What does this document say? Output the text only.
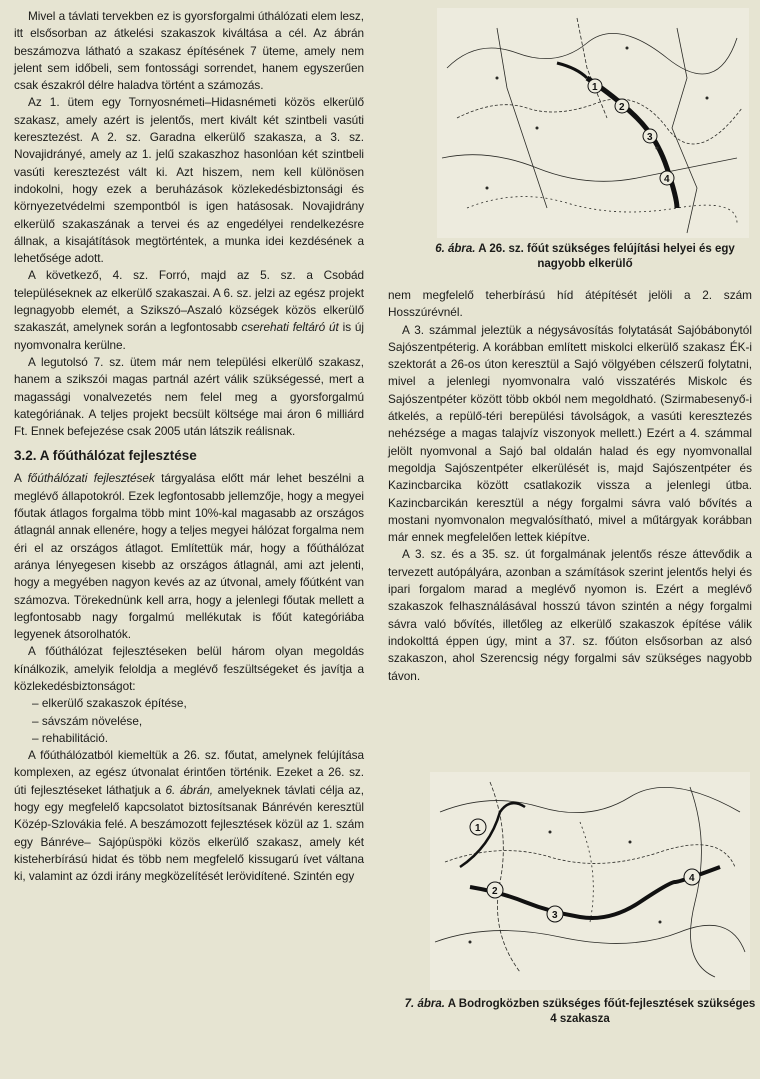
Mivel a távlati tervekben ez is gyorsforgalmi úthálózati elem lesz, itt elsősorban az átkelési szakaszok kiváltása a cél. Az ábrán beszámozva látható a szakasz építésének 7 üteme, amely nem jelent sem időbeli, sem fontossági sorrendet, hanem egyszerűen csak északról délre haladva történt a számozás.

Az 1. ütem egy Tornyosnémeti–Hidasnémeti közös elkerülő szakasz, amely azért is jelentős, mert kivált két szintbeli vasúti keresztezést. A 2. sz. Garadna elkerülő szakasza, a 3. sz. Novajidrányé, amely az 1. jelű szakaszhoz hasonlóan két szintbeli vasúti keresztezést vált ki. Azt hiszem, nem kell különösen indokolni, hogy ezek a beruházások közlekedésbiztonsági és környezetvédelmi szempontból is igen hatásosak. Novajidrány elkerülő szakaszának a tervei és az engedélyei rendelkezésre állnak, a kisajátítások megtörténtek, a munka idei kezdésének a lehetősége adott.

A következő, 4. sz. Forró, majd az 5. sz. a Csobád településeknek az elkerülő szakaszai. A 6. sz. jelzi az egész projekt legnagyobb elemét, a Szikszó–Aszaló községek közös elkerülő szakaszát, amelynek során a legfontosabb cserehati feltáró út is új nyomvonalra kerülne.

A legutolsó 7. sz. ütem már nem települési elkerülő szakasz, hanem a szikszói magas partnál azért válik szükségessé, mert a magassági vonalvezetés nem felel meg a gyorsforgalmú kategóriának. A teljes projekt becsült költsége mai áron 6 milliárd Ft. Ennek befejezése csak 2005 után látszik reálisnak.

3.2. A főúthálózat fejlesztése

A főúthálózati fejlesztések tárgyalása előtt már lehet beszélni a meglévő állapotokról. Ezek legfontosabb jellemzője, hogy a megyei főutak átlagos forgalma több mint 10%-kal magasabb az országos átlagnál annak ellenére, hogy a teljes megyei hálózat forgalma nem éri el az országos átlagot. Említettük már, hogy a főúthálózat aránya lényegesen kisebb az országos átlagnál, ami azt jelenti, hogy a megyében nagyon kevés az az útvonal, amely főútként van számozva. Törekednünk kell arra, hogy a jelenlegi főutak mellett a legfontosabb nagy forgalmú mellékutak is főút kategóriába legyenek átsorolhatók.

A főúthálózat fejlesztéseken belül három olyan megoldás kínálkozik, amelyik feloldja a meglévő feszültségeket és javítja a közlekedésbiztonságot:

– elkerülő szakaszok építése,
– sávszám növelése,
– rehabilitáció.

A főúthálózatból kiemeltük a 26. sz. főutat, amelynek felújítása komplexen, az egész útvonalat érintően történik. Ezeket a 26. sz. úti fejlesztéseket láthatjuk a 6. ábrán, amelyeknek távlati célja az, hogy egy megfelelő kapcsolatot biztosítsanak Bánrévén keresztül Közép-Szlovákia felé. A beszámozott fejlesztések közül az 1. szám egy Bánréve– Sajópüspöki közös elkerülő szakasz, amely két kisteherbírású hidat és több nem megfelelő kissugarú ívet váltana ki, valamint az ózdi irány megközelítését lerövidítené. Szintén egy

1
2
3
4
6. ábra. A 26. sz. főút szükséges felújítási helyei és egy nagyobb elkerülő

nem megfelelő teherbírású híd átépítését jelöli a 2. szám Hosszúrévnél.

A 3. számmal jeleztük a négysávosítás folytatását Sajóbábonytól Sajószentpéterig. A korábban említett miskolci elkerülő szakasz ÉK-i szektorát a 26-os úton keresztül a Sajó völgyében célszerű folytatni, mivel a jelenlegi nyomvonalra való visszatérés Miskolc és Sajószentpéter között több okból nem megoldható. (Szirmabesenyő-i átkelés, a repülő-téri berepülési távolságok, a vasúti keresztezés nehézsége a magas talajvíz viszonyok mellett.) Ezért a 4. számmal jelölt nyomvonal a Sajó bal oldalán halad és egy nyomvonallal megoldja Sajószentpéter elkerülését is, majd Sajószentpéter és Kazincbarcika között csatlakozik vissza a jelenlegi útba. Kazincbarcikán keresztül a négy forgalmi sávra való bővítés a mostani nyomvonalon megvalósítható, mivel a műtárgyak korábban már ennek megfelelően lettek kiépítve.

A 3. sz. és a 35. sz. út forgalmának jelentős része áttevődik a tervezett autópályára, azonban a számítások szerint jelentős helyi és ipari forgalom marad a meglévő nyomon is. Ezért a meglévő szakaszok felhasználásával hosszú távon szintén a négy forgalmi sávra való bővítés, illetőleg az elkerülő szakaszok építése válik indokolttá éppen úgy, mint a 37. sz. főúton elsősorban az alsó szakaszon, ahol Szerencsig négy forgalmi sáv szükséges nagyobb távon.

1
2
3
4
7. ábra. A Bodrogközben szükséges főút-fejlesztések szükséges 4 szakasza
